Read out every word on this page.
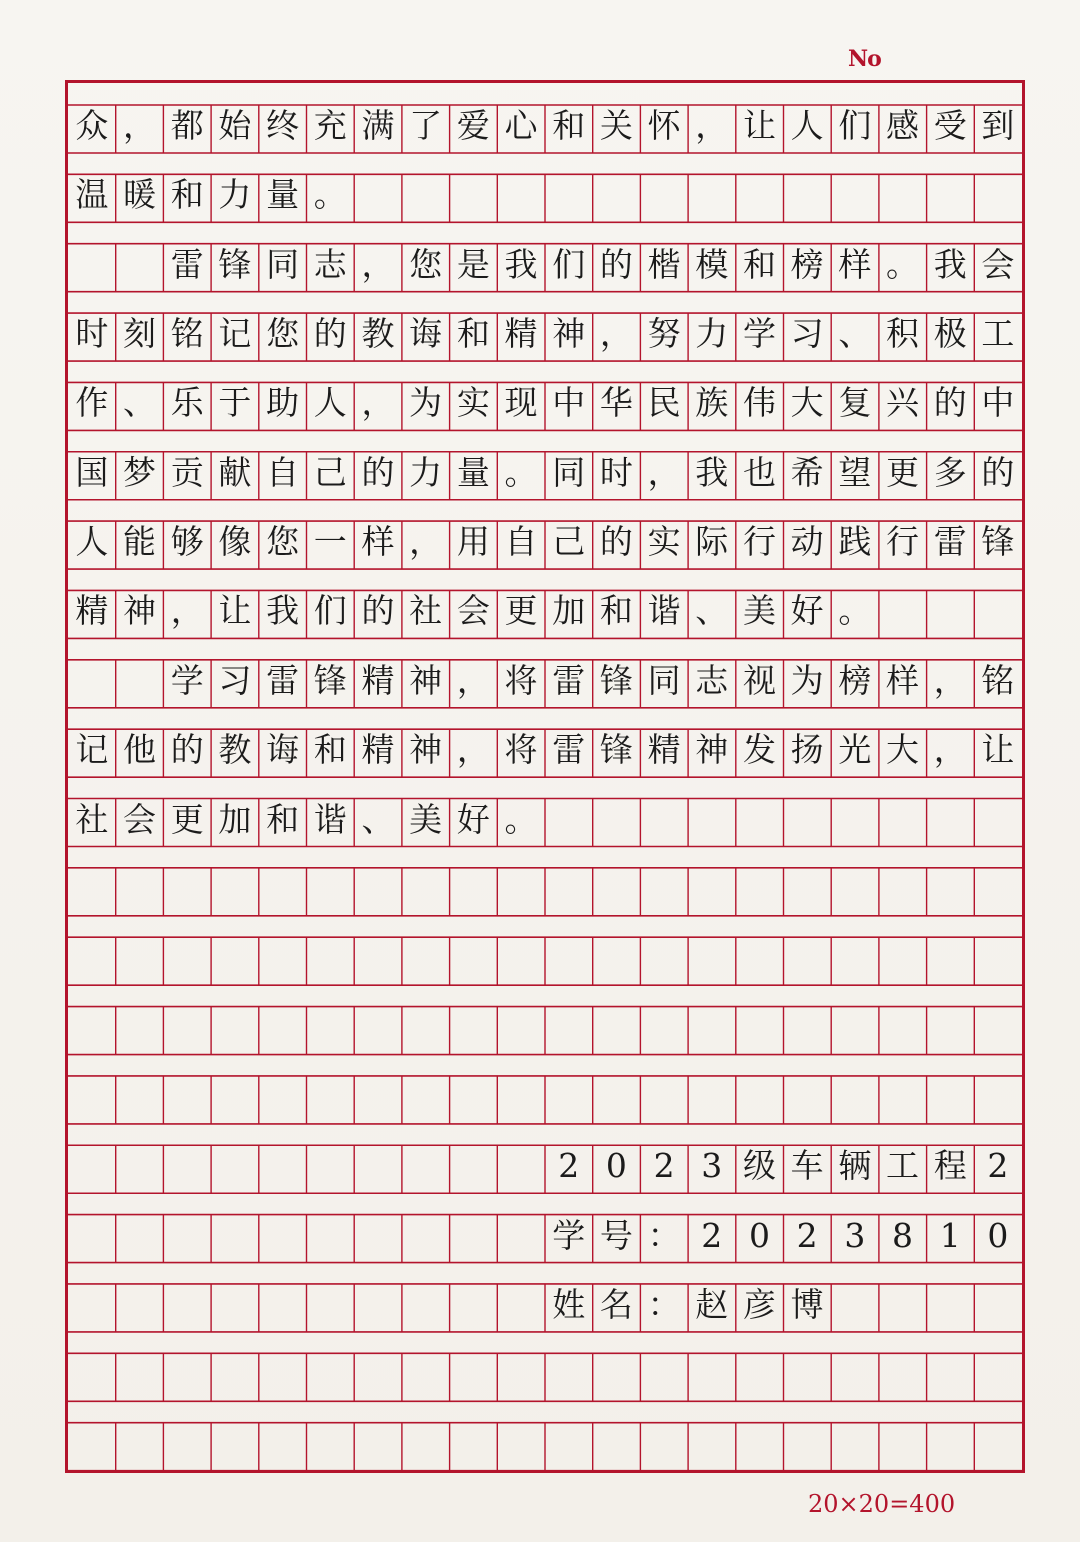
No
众 ， 都 始 终 充 满 了 爱 心 和 关 怀 ， 让 人 们 感 受 到
温 暖 和 力 量 。
雷 锋 同 志 ， 您 是 我 们 的 楷 模 和 榜 样 。 我 会
时 刻 铭 记 您 的 教 诲 和 精 神 ， 努 力 学 习 、 积 极 工
作 、 乐 于 助 人 ， 为 实 现 中 华 民 族 伟 大 复 兴 的 中
国 梦 贡 献 自 己 的 力 量 。 同 时 ， 我 也 希 望 更 多 的
人 能 够 像 您 一 样 ， 用 自 己 的 实 际 行 动 践 行 雷 锋
精 神 ， 让 我 们 的 社 会 更 加 和 谐 、 美 好 。
学 习 雷 锋 精 神 ， 将 雷 锋 同 志 视 为 榜 样 ， 铭
记 他 的 教 诲 和 精 神 ， 将 雷 锋 精 神 发 扬 光 大 ， 让
社 会 更 加 和 谐 、 美 好 。
2 0 2 3 级 车 辆 工 程 2
学 号 ： 2 0 2 3 8 1 0
姓 名 ： 赵 彦 博
20×20=400
